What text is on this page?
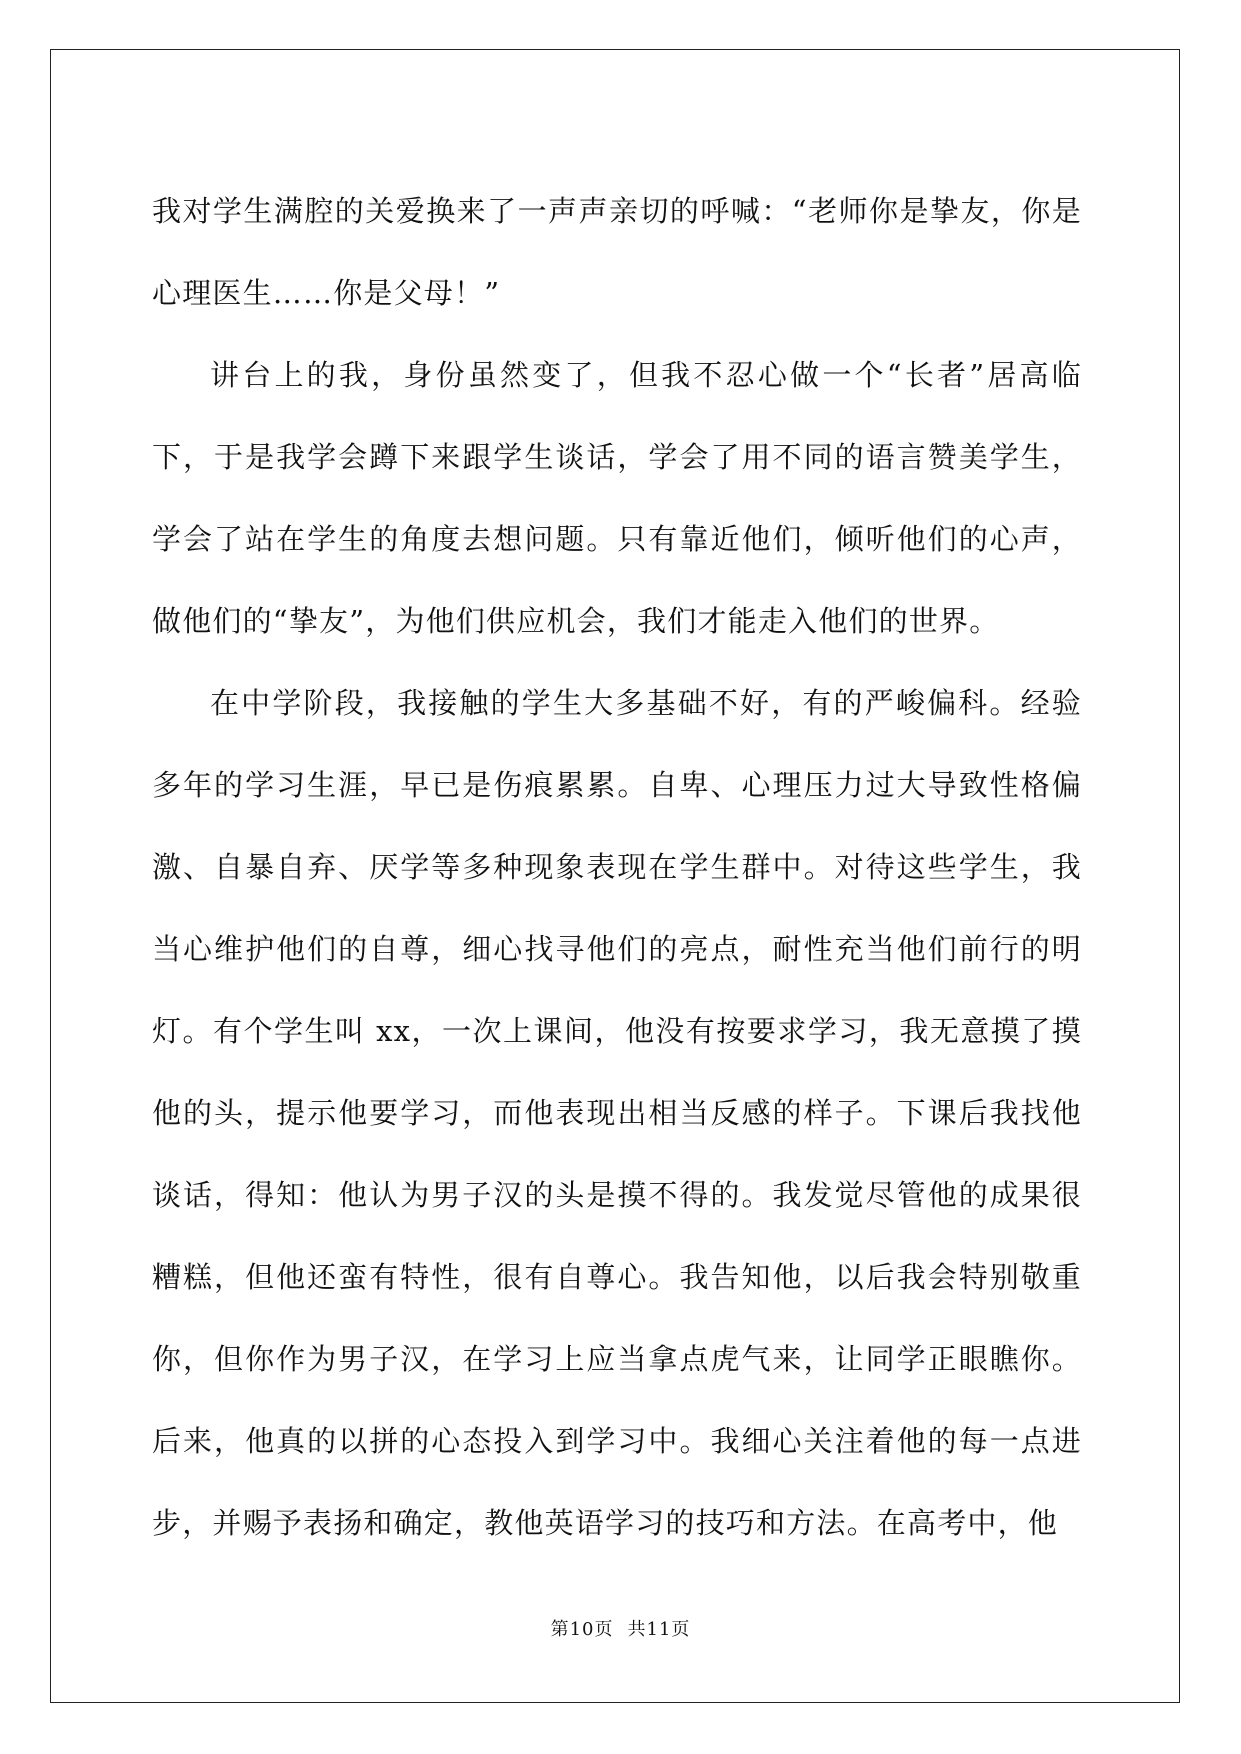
我对学生满腔的关爱换来了一声声亲切的呼喊：“老师你是挚友，你是心理医生……你是父母！”

讲台上的我，身份虽然变了，但我不忍心做一个“长者”居高临下，于是我学会蹲下来跟学生谈话，学会了用不同的语言赞美学生，学会了站在学生的角度去想问题。只有靠近他们，倾听他们的心声，做他们的“挚友”，为他们供应机会，我们才能走入他们的世界。

在中学阶段，我接触的学生大多基础不好，有的严峻偏科。经验多年的学习生涯，早已是伤痕累累。自卑、心理压力过大导致性格偏激、自暴自弃、厌学等多种现象表现在学生群中。对待这些学生，我当心维护他们的自尊，细心找寻他们的亮点，耐性充当他们前行的明灯。有个学生叫 xx，一次上课间，他没有按要求学习，我无意摸了摸他的头，提示他要学习，而他表现出相当反感的样子。下课后我找他谈话，得知：他认为男子汉的头是摸不得的。我发觉尽管他的成果很糟糕，但他还蛮有特性，很有自尊心。我告知他，以后我会特别敬重你，但你作为男子汉，在学习上应当拿点虎气来，让同学正眼瞧你。后来，他真的以拼的心态投入到学习中。我细心关注着他的每一点进步，并赐予表扬和确定，教他英语学习的技巧和方法。在高考中，他

第10页 共11页
